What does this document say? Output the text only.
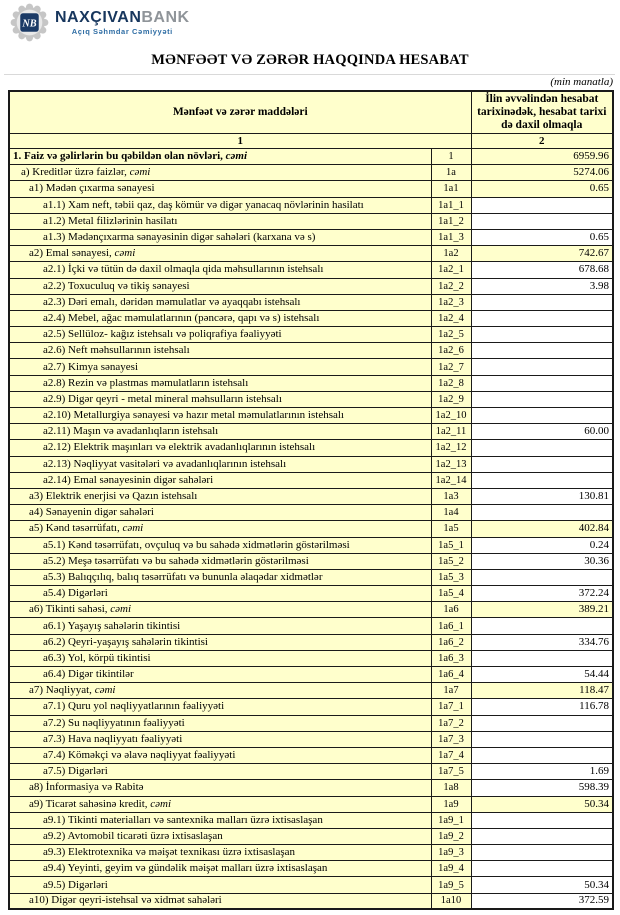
NB NAXÇIVANBANK
Açıq Səhmdar Cəmiyyəti
MƏNFƏƏT VƏ ZƏRƏR HAQQINDA HESABAT
(min manatla)
Mənfəət və zərər maddələri		İlin əvvəlindən hesabat tarixinədək, hesabat tarixi də daxil olmaqla
1		2
1. Faiz və gəlirlərin bu qəbildən olan növləri, cəmi	1	6959.96
a) Kreditlər üzrə faizlər, cəmi	1a	5274.06
a1) Mədən çıxarma sənayesi	1a1	0.65
a1.1) Xam neft, təbii qaz, daş kömür və digər yanacaq növlərinin hasilatı	1a1_1	
a1.2) Metal filizlərinin hasilatı	1a1_2	
a1.3) Mədənçıxarma sənayəsinin digər sahələri (karxana və s)	1a1_3	0.65
a2) Emal sənayesi, cəmi	1a2	742.67
a2.1) İçki və tütün də daxil olmaqla qida məhsullarının istehsalı	1a2_1	678.68
a2.2) Toxuculuq və tikiş sənayesi	1a2_2	3.98
a2.3) Dəri emalı, dəridən məmulatlar və ayaqqabı istehsalı	1a2_3	
a2.4) Mebel, ağac məmulatlarının (pəncərə, qapı və s) istehsalı	1a2_4	
a2.5) Sellüloz- kağız istehsalı və poliqrafiya fəaliyyəti	1a2_5	
a2.6) Neft məhsullarının istehsalı	1a2_6	
a2.7) Kimya sənayesi	1a2_7	
a2.8) Rezin və plastmas məmulatların istehsalı	1a2_8	
a2.9) Digər qeyri - metal mineral məhsulların istehsalı	1a2_9	
a2.10) Metallurgiya sənayesi və hazır metal məmulatlarının istehsalı	1a2_10	
a2.11) Maşın və avadanlıqların istehsalı	1a2_11	60.00
a2.12) Elektrik maşınları və elektrik avadanlıqlarının istehsalı	1a2_12	
a2.13) Nəqliyyat vasitələri və avadanlıqlarının istehsalı	1a2_13	
a2.14) Emal sənayesinin digər sahələri	1a2_14	
a3) Elektrik enerjisi və Qazın istehsalı	1a3	130.81
a4) Sənayenin digər sahələri	1a4	
a5) Kənd təsərrüfatı, cəmi	1a5	402.84
a5.1) Kənd təsərrüfatı, ovçuluq və bu sahədə xidmətlərin göstərilməsi	1a5_1	0.24
a5.2) Meşə təsərrüfatı və bu sahədə xidmətlərin göstərilməsi	1a5_2	30.36
a5.3) Balıqçılıq, balıq təsərrüfatı və bununla əlaqədar xidmətlər	1a5_3	
a5.4) Digərləri	1a5_4	372.24
a6) Tikinti sahəsi, cəmi	1a6	389.21
a6.1) Yaşayış sahələrin tikintisi	1a6_1	
a6.2) Qeyri-yaşayış sahələrin tikintisi	1a6_2	334.76
a6.3) Yol, körpü tikintisi	1a6_3	
a6.4) Digər tikintilər	1a6_4	54.44
a7) Nəqliyyat, cəmi	1a7	118.47
a7.1) Quru yol nəqliyyatlarının fəaliyyəti	1a7_1	116.78
a7.2) Su nəqliyyatının fəaliyyəti	1a7_2	
a7.3) Hava nəqliyyatı fəaliyyəti	1a7_3	
a7.4) Köməkçi və əlavə nəqliyyat fəaliyyəti	1a7_4	
a7.5) Digərləri	1a7_5	1.69
a8) İnformasiya və Rabitə	1a8	598.39
a9) Ticarət sahəsinə kredit, cəmi	1a9	50.34
a9.1) Tikinti materialları və santexnika malları üzrə ixtisaslaşan	1a9_1	
a9.2) Avtomobil ticarəti üzrə ixtisaslaşan	1a9_2	
a9.3) Elektrotexnika və məişət texnikası üzrə ixtisaslaşan	1a9_3	
a9.4) Yeyinti, geyim və gündəlik məişət malları üzrə ixtisaslaşan	1a9_4	
a9.5) Digərləri	1a9_5	50.34
a10) Digər qeyri-istehsal və xidmət sahələri	1a10	372.59
